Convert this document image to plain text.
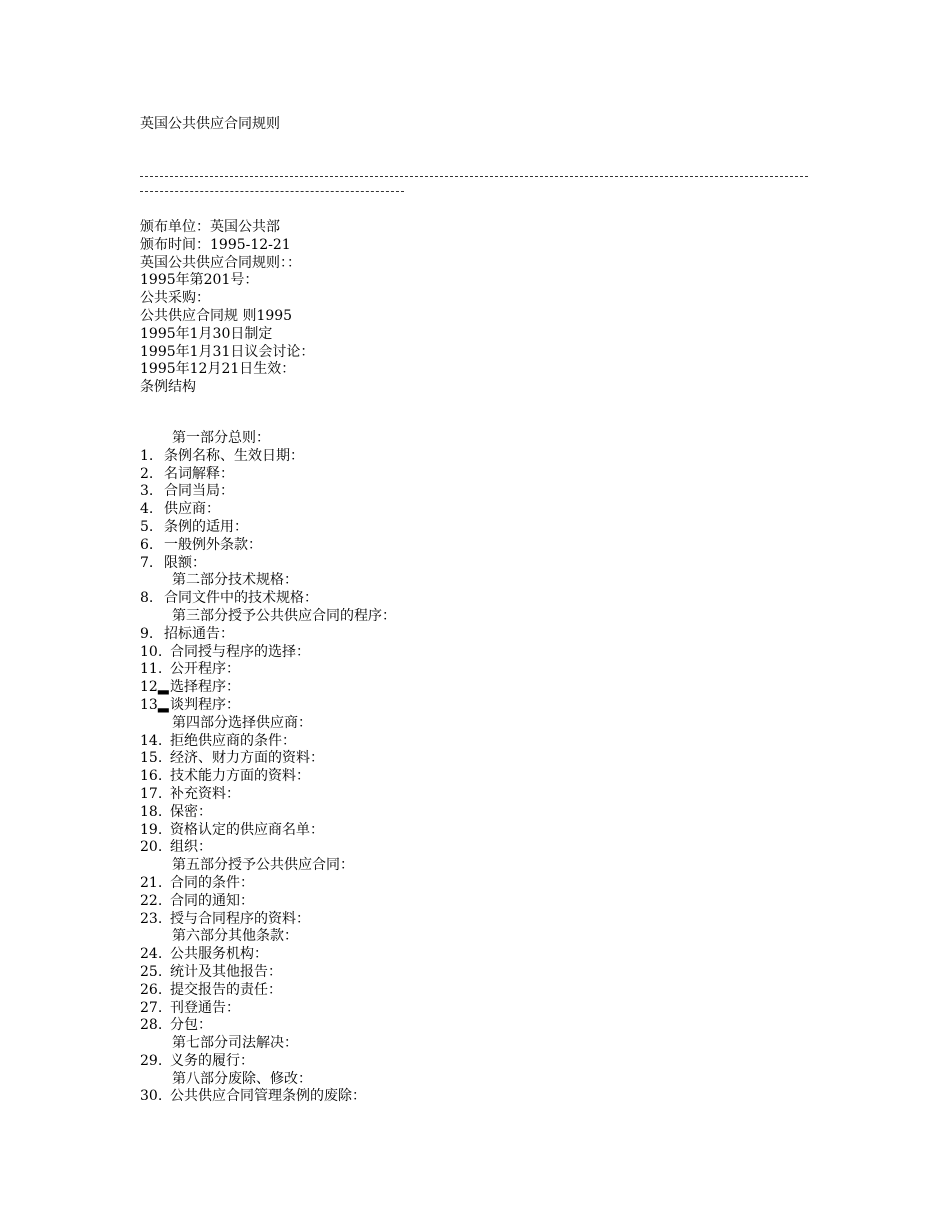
英国公共供应合同规则
颁布单位：英国公共部
颁布时间：1995-12-21
英国公共供应合同规则：：
1995年第201号：
公共采购：
公共供应合同规 则1995
1995年1月30日制定
1995年1月31日议会讨论：
1995年12月21日生效：
条例结构
第一部分总则：
1. 条例名称、生效日期：
2. 名词解释：
3. 合同当局：
4. 供应商：
5. 条例的适用：
6. 一般例外条款：
7. 限额：
第二部分技术规格：
8. 合同文件中的技术规格：
第三部分授予公共供应合同的程序：
9. 招标通告：
10. 合同授与程序的选择：
11. 公开程序：
12▂选择程序：
13▂谈判程序：
第四部分选择供应商：
14. 拒绝供应商的条件：
15. 经济、财力方面的资料：
16. 技术能力方面的资料：
17. 补充资料：
18. 保密：
19. 资格认定的供应商名单：
20. 组织：
第五部分授予公共供应合同：
21. 合同的条件：
22. 合同的通知：
23. 授与合同程序的资料：
第六部分其他条款：
24. 公共服务机构：
25. 统计及其他报告：
26. 提交报告的责任：
27. 刊登通告：
28. 分包：
第七部分司法解决：
29. 义务的履行：
第八部分废除、修改：
30. 公共供应合同管理条例的废除：
